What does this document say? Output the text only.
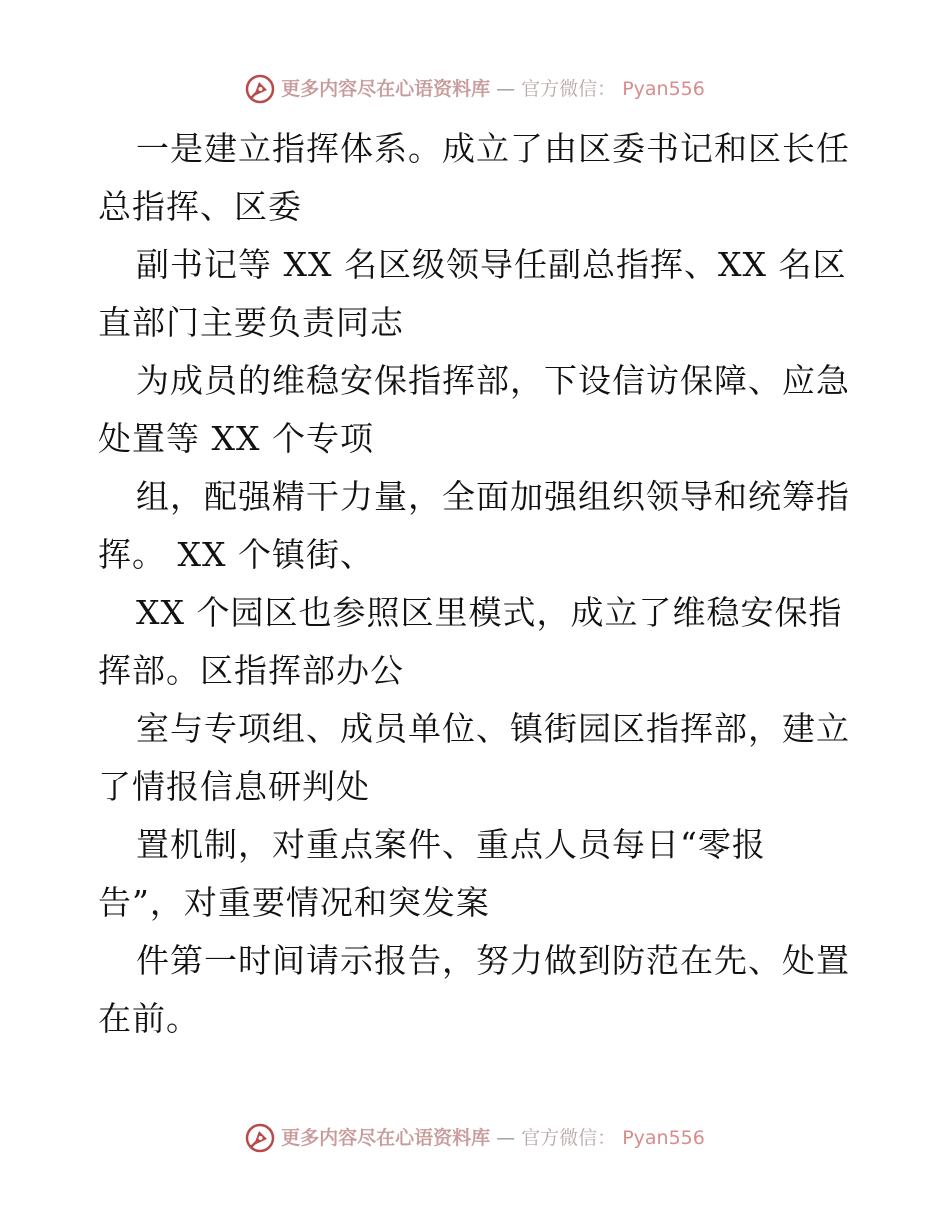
更多内容尽在心语资料库 — 官方微信： Pyan556
一是建立指挥体系。成立了由区委书记和区长任
总指挥、区委
副书记等 XX 名区级领导任副总指挥、XX 名区
直部门主要负责同志
为成员的维稳安保指挥部，下设信访保障、应急
处置等 XX 个专项
组，配强精干力量，全面加强组织领导和统筹指
挥。 XX 个镇街、
XX 个园区也参照区里模式，成立了维稳安保指
挥部。区指挥部办公
室与专项组、成员单位、镇街园区指挥部，建立
了情报信息研判处
置机制，对重点案件、重点人员每日“零报
告”，对重要情况和突发案
件第一时间请示报告，努力做到防范在先、处置
在前。
更多内容尽在心语资料库 — 官方微信： Pyan556
